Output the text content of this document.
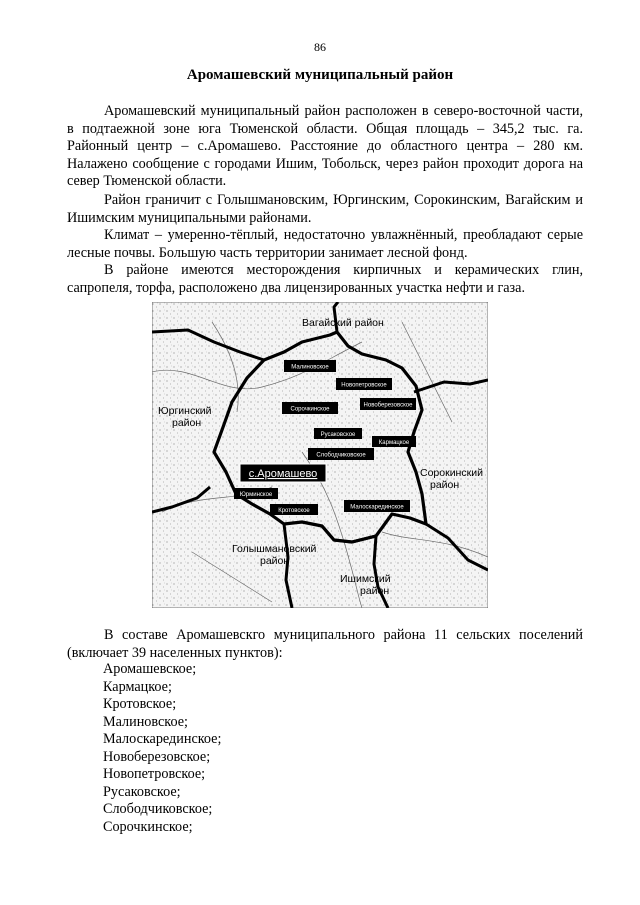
86
Аромашевский муниципальный район

Аромашевский муниципальный район расположен в северо-восточной части, в подтаежной зоне юга Тюменской области. Общая площадь – 345,2 тыс. га. Районный центр – с.Аромашево. Расстояние до областного центра – 280 км. Налажено сообщение с городами Ишим, Тобольск, через район проходит дорога на север Тюменской области.

Район граничит с Голышмановским, Юргинским, Сорокинским, Вагайским и Ишимским муниципальными районами.

Климат – умеренно-тёплый, недостаточно увлажнённый, преобладают серые лесные почвы. Большую часть территории занимает лесной фонд.

В районе имеются месторождения кирпичных и керамических глин, сапропеля, торфа, расположено два лицензированных участка нефти и газа.

Вагайский район
Юргинский
район
Сорокинский
район
Голышмановский
район
Ишимский
район
Малиновское
Новопетровское
Новоберезовское
Сорочкинское
Русаковское
Кармацкое
Слободчиковское
Юрминское
Кротовское
Малоскарединское
с.Аромашево

В составе Аромашевскго муниципального района 11 сельских поселений (включает 39 населенных пунктов):

Аромашевское;
Кармацкое;
Кротовское;
Малиновское;
Малоскарединское;
Новоберезовское;
Новопетровское;
Русаковское;
Слободчиковское;
Сорочкинское;
